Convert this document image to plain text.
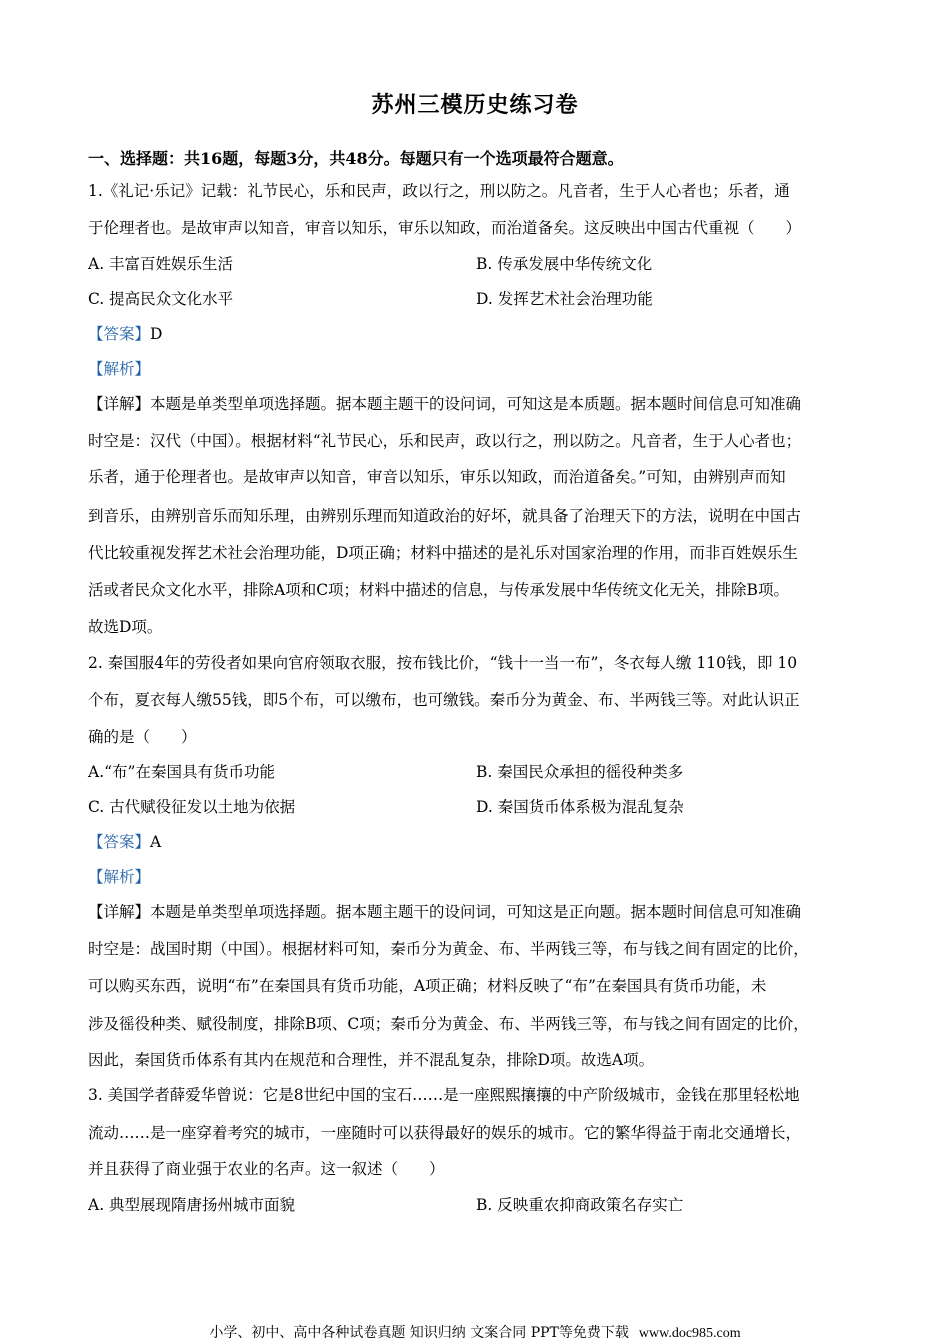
苏州三模历史练习卷
一、选择题：共16题，每题3分，共48分。每题只有一个选项最符合题意。
1.《礼记·乐记》记载：礼节民心，乐和民声，政以行之，刑以防之。凡音者，生于人心者也；乐者，通
于伦理者也。是故审声以知音，审音以知乐，审乐以知政，而治道备矣。这反映出中国古代重视（　　）
A. 丰富百姓娱乐生活	B. 传承发展中华传统文化
C. 提高民众文化水平	D. 发挥艺术社会治理功能
【答案】D
【解析】
【详解】本题是单类型单项选择题。据本题主题干的设问词，可知这是本质题。据本题时间信息可知准确
时空是：汉代（中国）。根据材料“礼节民心，乐和民声，政以行之，刑以防之。凡音者，生于人心者也；
乐者，通于伦理者也。是故审声以知音，审音以知乐，审乐以知政，而治道备矣。”可知，由辨别声而知
到音乐，由辨别音乐而知乐理，由辨别乐理而知道政治的好坏，就具备了治理天下的方法，说明在中国古
代比较重视发挥艺术社会治理功能，D项正确；材料中描述的是礼乐对国家治理的作用，而非百姓娱乐生
活或者民众文化水平，排除A项和C项；材料中描述的信息，与传承发展中华传统文化无关，排除B项。
故选D项。
2. 秦国服4年的劳役者如果向官府领取衣服，按布钱比价，“钱十一当一布”，冬衣每人缴 110钱，即 10
个布，夏衣每人缴55钱，即5个布，可以缴布，也可缴钱。秦币分为黄金、布、半两钱三等。对此认识正
确的是（　　）
A.“布”在秦国具有货币功能	B. 秦国民众承担的徭役种类多
C. 古代赋役征发以土地为依据	D. 秦国货币体系极为混乱复杂
【答案】A
【解析】
【详解】本题是单类型单项选择题。据本题主题干的设问词，可知这是正向题。据本题时间信息可知准确
时空是：战国时期（中国）。根据材料可知，秦币分为黄金、布、半两钱三等，布与钱之间有固定的比价，
可以购买东西，说明“布”在秦国具有货币功能，A项正确；材料反映了“布”在秦国具有货币功能，未
涉及徭役种类、赋役制度，排除B项、C项；秦币分为黄金、布、半两钱三等，布与钱之间有固定的比价，
因此，秦国货币体系有其内在规范和合理性，并不混乱复杂，排除D项。故选A项。
3. 美国学者薛爱华曾说：它是8世纪中国的宝石……是一座熙熙攘攘的中产阶级城市，金钱在那里轻松地
流动……是一座穿着考究的城市，一座随时可以获得最好的娱乐的城市。它的繁华得益于南北交通增长，
并且获得了商业强于农业的名声。这一叙述（　　）
A. 典型展现隋唐扬州城市面貌	B. 反映重农抑商政策名存实亡
小学、初中、高中各种试卷真题 知识归纳 文案合同 PPT等免费下载 www.doc985.com
